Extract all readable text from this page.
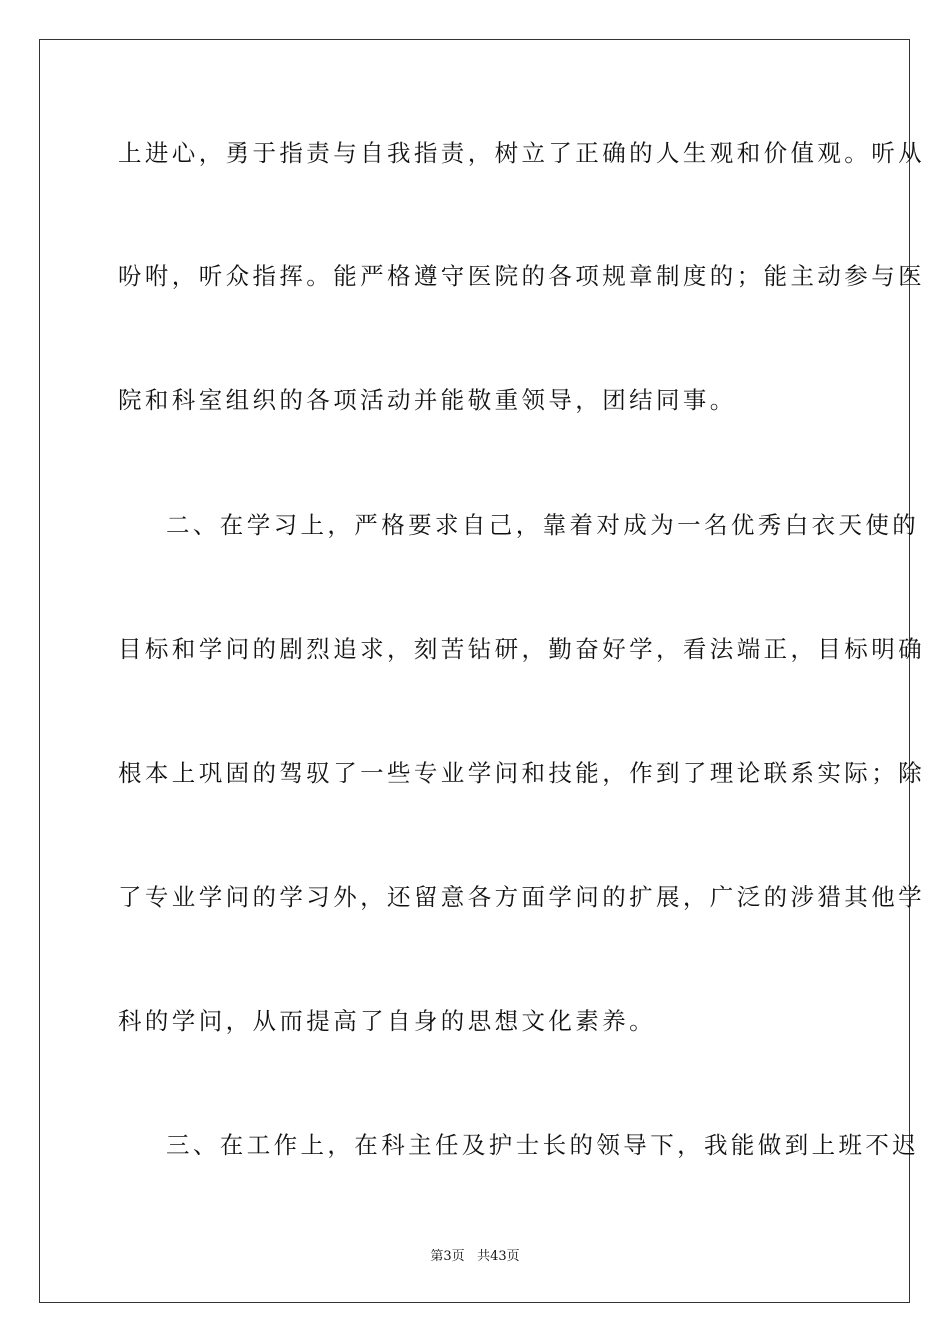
上进心，勇于指责与自我指责，树立了正确的人生观和价值观。听从
吩咐，听众指挥。能严格遵守医院的各项规章制度的；能主动参与医
院和科室组织的各项活动并能敬重领导，团结同事。
二、在学习上，严格要求自己，靠着对成为一名优秀白衣天使的
目标和学问的剧烈追求，刻苦钻研，勤奋好学，看法端正，目标明确
根本上巩固的驾驭了一些专业学问和技能，作到了理论联系实际；除
了专业学问的学习外，还留意各方面学问的扩展，广泛的涉猎其他学
科的学问，从而提高了自身的思想文化素养。
三、在工作上，在科主任及护士长的领导下，我能做到上班不迟
第3页 共43页
